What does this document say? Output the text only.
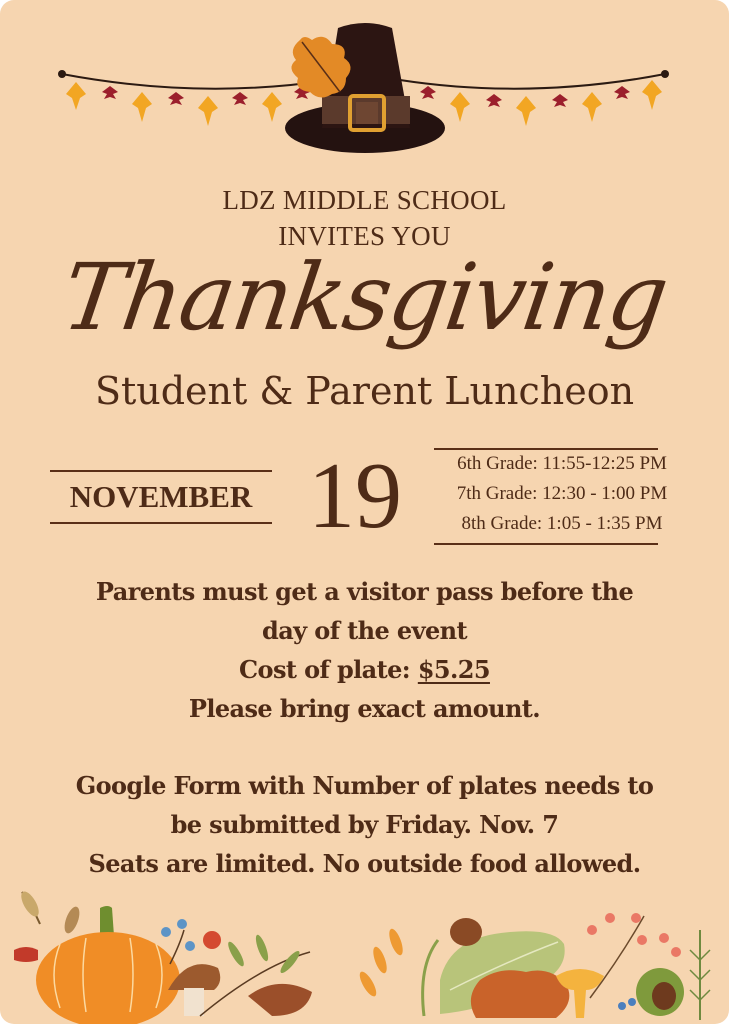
LDZ MIDDLE SCHOOL
INVITES YOU
Thanksgiving
Student & Parent Luncheon
NOVEMBER 19	6th Grade: 11:55-12:25 PM
7th Grade: 12:30 - 1:00 PM
8th Grade: 1:05 - 1:35 PM
Parents must get a visitor pass before the
day of the event
Cost of plate: $5.25
Please bring exact amount.
Google Form with Number of plates needs to
be submitted by Friday. Nov. 7
Seats are limited. No outside food allowed.
